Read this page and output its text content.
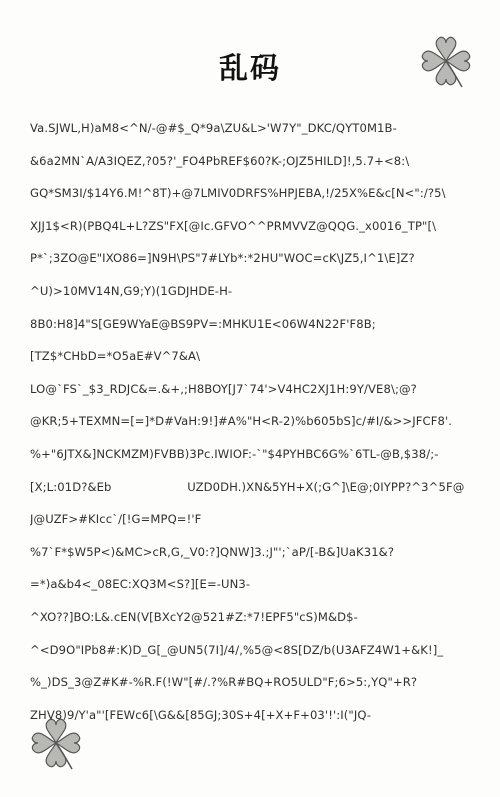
乱码
Va.SJWL,H)aM8<^N/-@#$_Q*9a\ZU&L>'W7Y"_DKC/QYT0M1B-
&6a2MN`A/A3IQEZ,?05?'_FO4PbREF$60?K-;OJZ5HILD]!,5.7+<8:\
GQ*SM3I/$14Y6.M!^8T)+@7LMIV0DRFS%HPJEBA,!/25X%E&c[N<":/?5\
XJJ1$<R)(PBQ4L+L?ZS"FX[@Ic.GFVO^^PRMVVZ@QQG._x0016_TP"[\
P*`;3ZO@E"IXO86=]N9H\PS"7#LYb*:*2HU"WOC=cK\JZ5,I^1\E]Z?
^U)>10MV14N,G9;Y)(1GDJHDE-H-
8B0:H8]4"S[GE9WYaE@BS9PV=:MHKU1E<06W4N22F'F8B;
[TZ$*CHbD=*O5aE#V^7&A\
LO@`FS`_$3_RDJC&=.&+,;H8BOY[J7`74'>V4HC2XJ1H:9Y/VE8\;@?
@KR;5+TEXMN=[=]*D#VaH:9!]#A%"H<R-2)%b605bS]c/#I/&>>JFCF8'.
%+"6JTX&]NCKMZM)FVBB)3Pc.IWIOF:-`"$4PYHBC6G%`6TL-@B,$38/;-
[X;L:01D?&Eb                    UZD0DH.)XN&5YH+X(;G^]\E@;0IYPP?^3^5F@
J@UZF>#KIcc`/[!G=MPQ=!'F
%7`F*$W5P<)&MC>cR,G,_V0:?]QNW]3.;J"';`aP/[-B&]UaK31&?
=*)a&b4<_08EC:XQ3M<S?][E=-UN3-
^XO??]BO:L&.cEN(V[BXcY2@521#Z:*7!EPF5"cS)M&D$-
^<D9O"IPb8#:K)D_G[_@UN5(7I]/4/,%5@<8S[DZ/b(U3AFZ4W1+&K!]_
%_)DS_3@Z#K#-%R.F(!W"[#/.?%R#BQ+RO5ULD"F;6>5:,YQ"+R?
ZHV8)9/Y'a"'[FEWc6[\G&&[85GJ;30S+4[+X+F+03'!':I("JQ-
